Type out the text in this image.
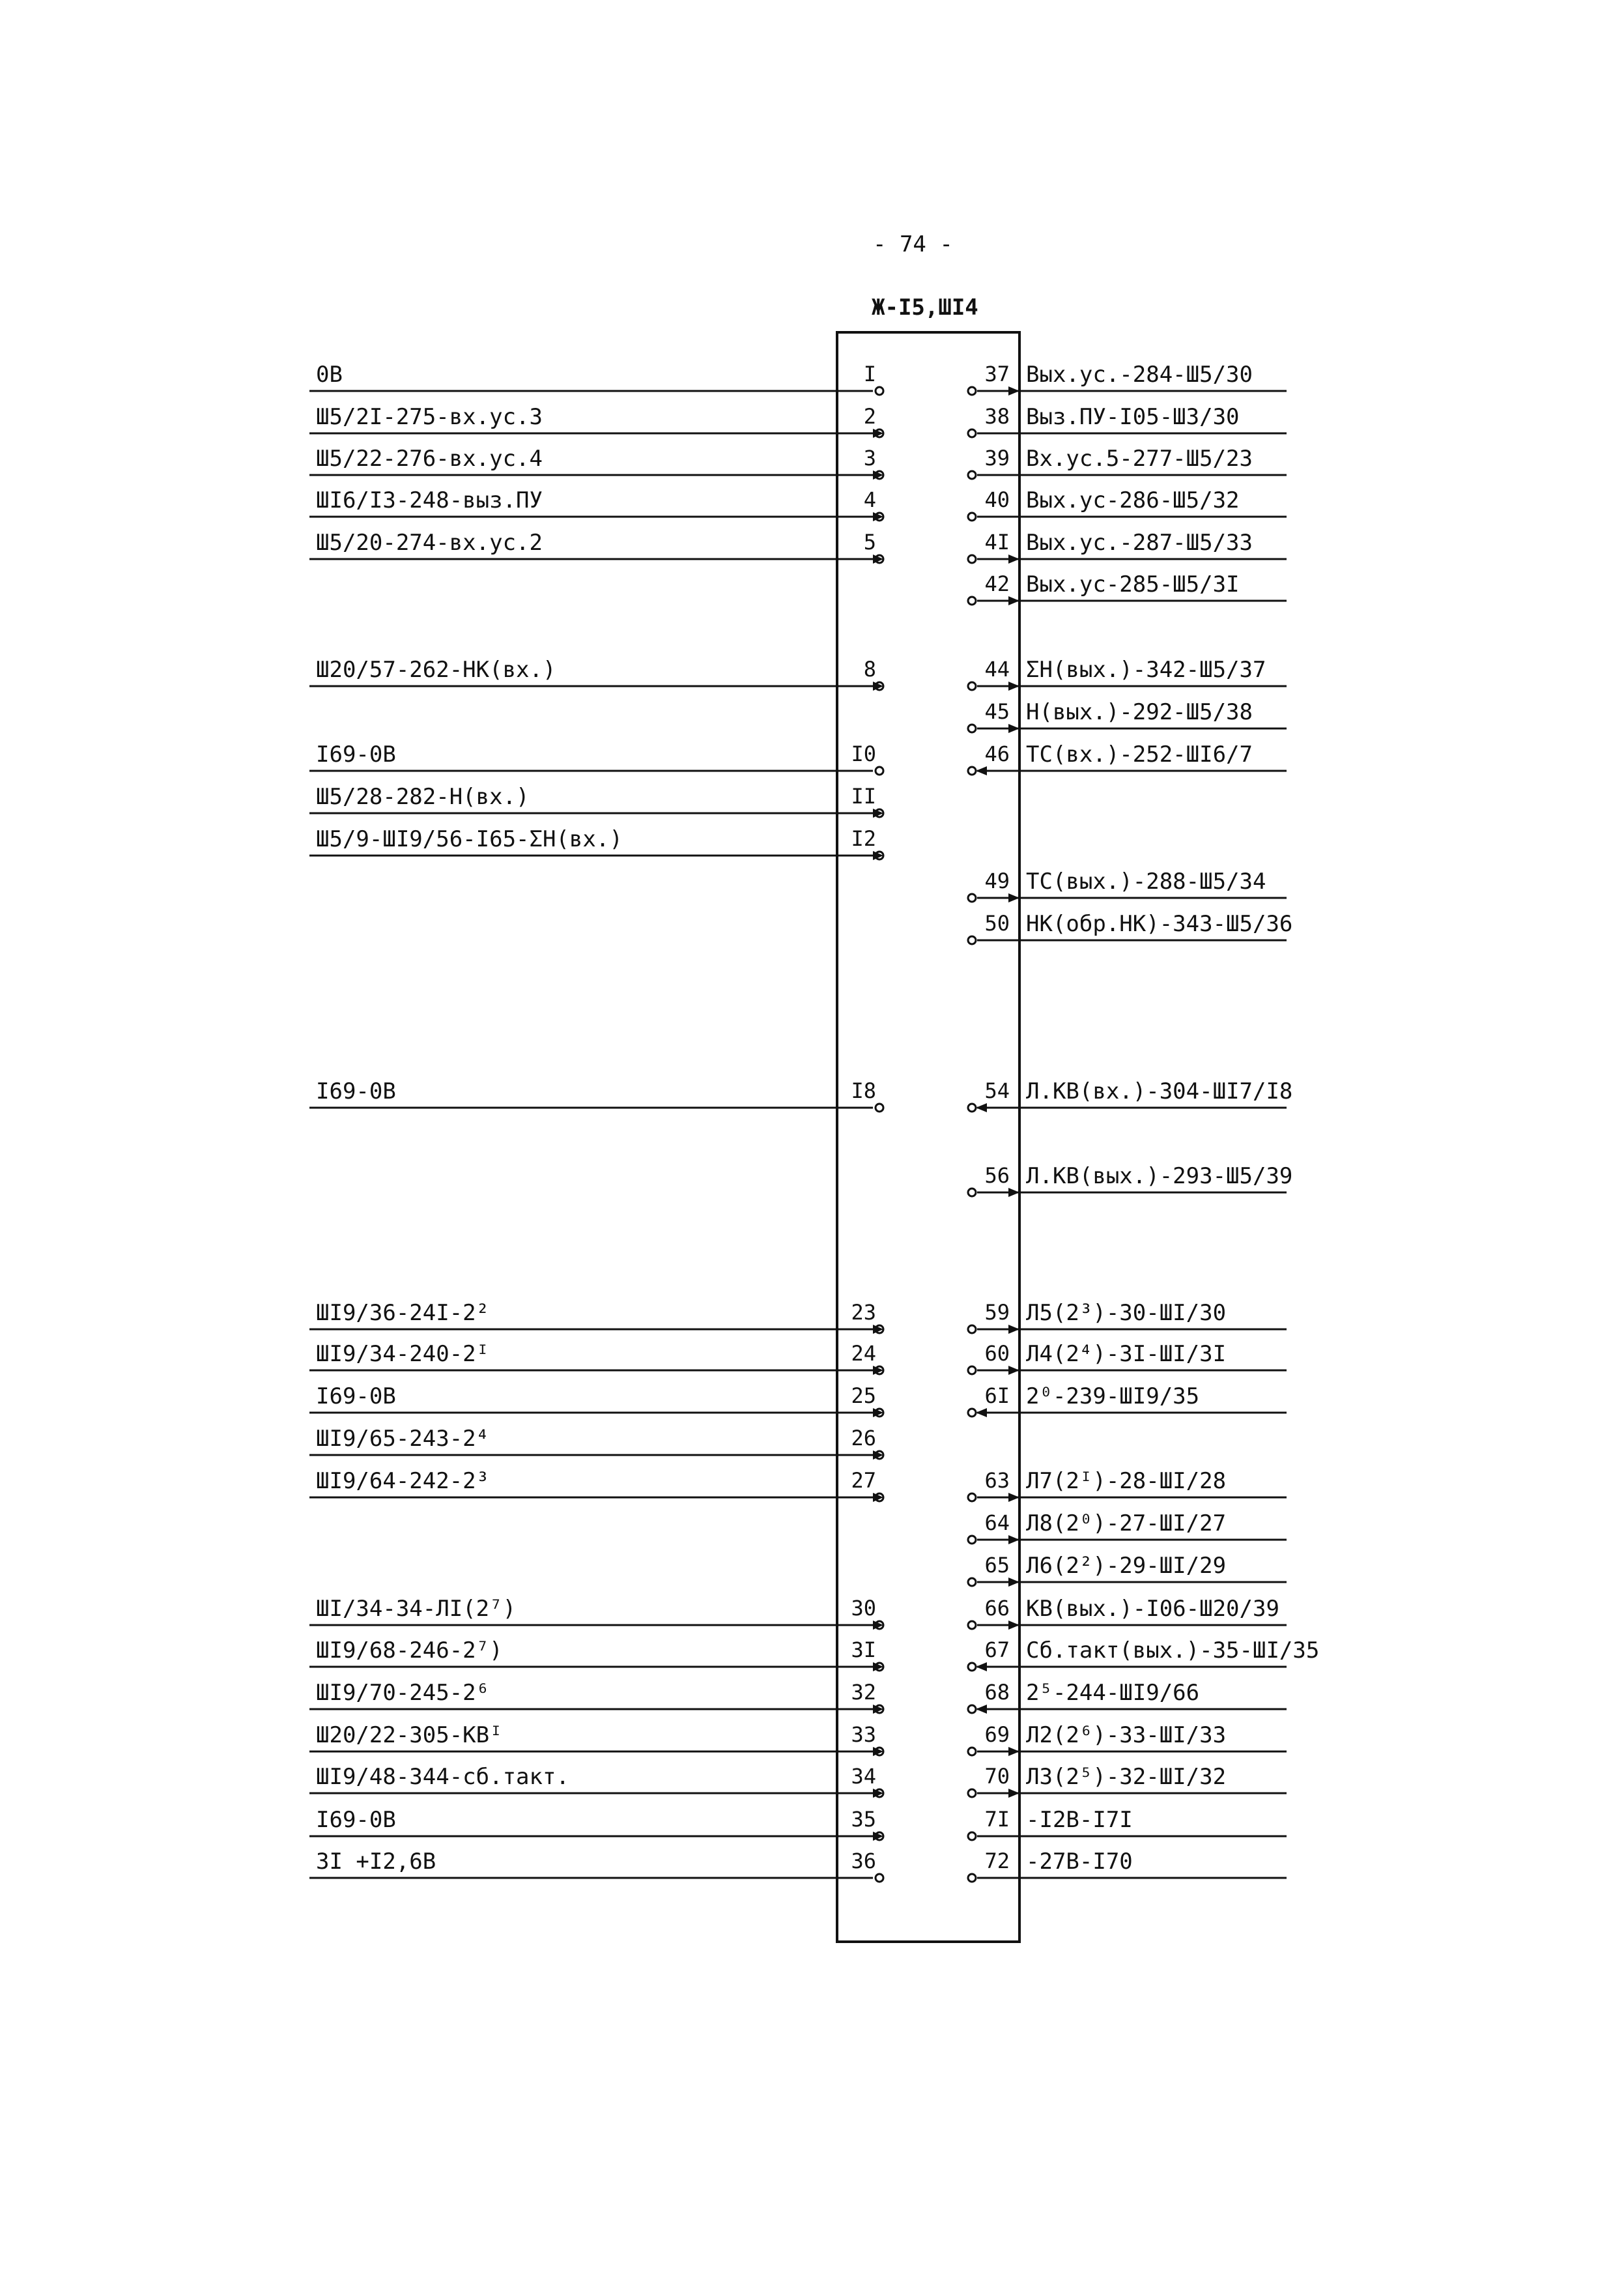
- 74 -
Ж-I5,ШI4
I
0B
2
Ш5/2I-275-вх.ус.3
3
Ш5/22-276-вх.ус.4
4
ШI6/I3-248-выз.ПУ
5
Ш5/20-274-вх.ус.2
8
Ш20/57-262-НК(вх.)
I0
I69-0B
II
Ш5/28-282-Н(вх.)
I2
Ш5/9-ШI9/56-I65-ΣН(вх.)
I8
I69-0B
23
ШI9/36-24I-2²
24
ШI9/34-240-2ᴵ
25
I69-0B
26
ШI9/65-243-2⁴
27
ШI9/64-242-2³
30
ШI/34-34-ЛI(2⁷)
3I
ШI9/68-246-2⁷)
32
ШI9/70-245-2⁶
33
Ш20/22-305-КВᴵ
34
ШI9/48-344-сб.такт.
35
I69-0B
36
ЗI +I2,6B
37 Вых.ус.-284-Ш5/30
38 Выз.ПУ-I05-Ш3/30
39 Вх.ус.5-277-Ш5/23
40 Вых.ус-286-Ш5/32
4I Вых.ус.-287-Ш5/33
42 Вых.ус-285-Ш5/3I
44 ΣН(вых.)-342-Ш5/37
45 Н(вых.)-292-Ш5/38
46 ТС(вх.)-252-ШI6/7
49 ТС(вых.)-288-Ш5/34
50 НК(обр.НК)-343-Ш5/36
54 Л.КВ(вх.)-304-ШI7/I8
56 Л.КВ(вых.)-293-Ш5/39
59 Л5(2³)-30-ШI/30
60 Л4(2⁴)-3I-ШI/3I
6I 2⁰-239-ШI9/35
63 Л7(2ᴵ)-28-ШI/28
64 Л8(2⁰)-27-ШI/27
65 Л6(2²)-29-ШI/29
66 КВ(вых.)-I06-Ш20/39
67 Сб.такт(вых.)-35-ШI/35
68 2⁵-244-ШI9/66
69 Л2(2⁶)-33-ШI/33
70 Л3(2⁵)-32-ШI/32
7I -I2B-I7I
72 -27B-I70
